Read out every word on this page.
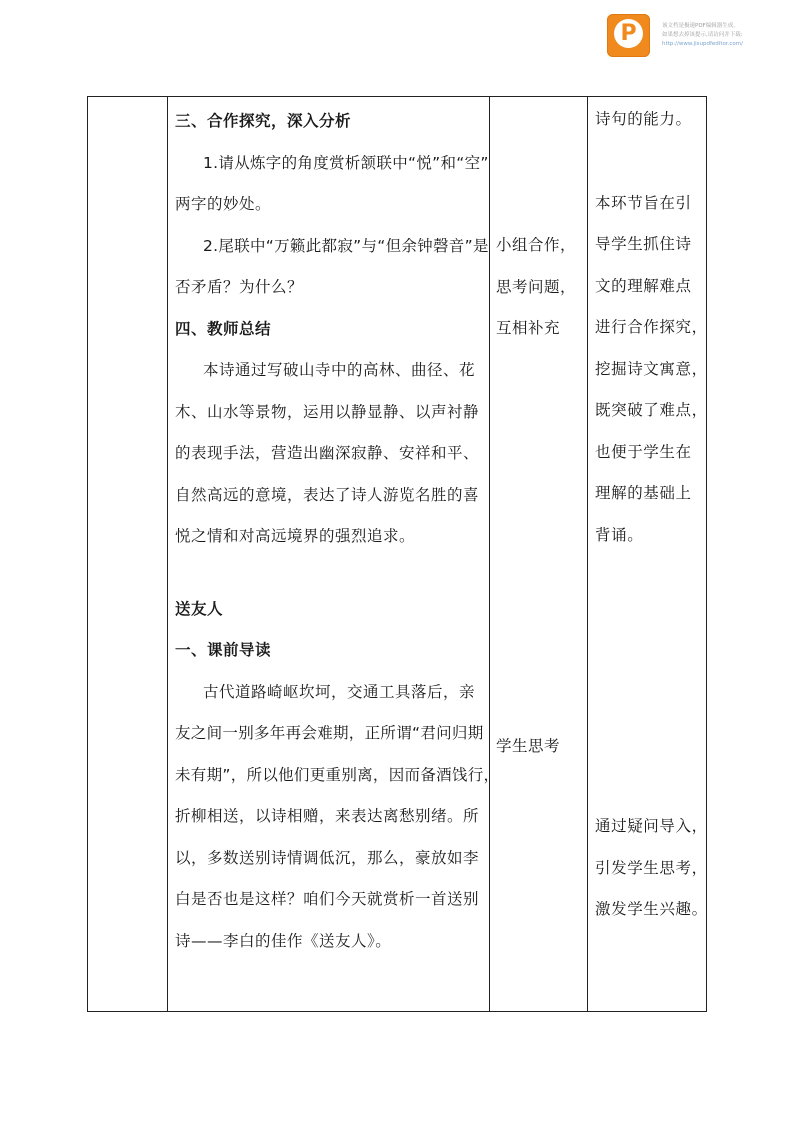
P	该文档是极速PDF编辑器生成,
如果想去掉该提示,请访问并下载:
http://www.jisupdfeditor.com/
三、合作探究，深入分析
1.请从炼字的角度赏析颔联中“悦”和“空”
两字的妙处。
2.尾联中“万籁此都寂”与“但余钟磬音”是
否矛盾？为什么？
四、教师总结
本诗通过写破山寺中的高林、曲径、花
木、山水等景物，运用以静显静、以声衬静
的表现手法，营造出幽深寂静、安祥和平、
自然高远的意境，表达了诗人游览名胜的喜
悦之情和对高远境界的强烈追求。
送友人
一、课前导读
古代道路崎岖坎坷，交通工具落后，亲
友之间一别多年再会难期，正所谓“君问归期
未有期”，所以他们更重别离，因而备酒饯行，
折柳相送，以诗相赠，来表达离愁别绪。所
以，多数送别诗情调低沉，那么，豪放如李
白是否也是这样？咱们今天就赏析一首送别
诗——李白的佳作《送友人》。
小组合作，
思考问题，
互相补充
学生思考
诗句的能力。
本环节旨在引
导学生抓住诗
文的理解难点
进行合作探究，
挖掘诗文寓意，
既突破了难点，
也便于学生在
理解的基础上
背诵。
通过疑问导入，
引发学生思考，
激发学生兴趣。
